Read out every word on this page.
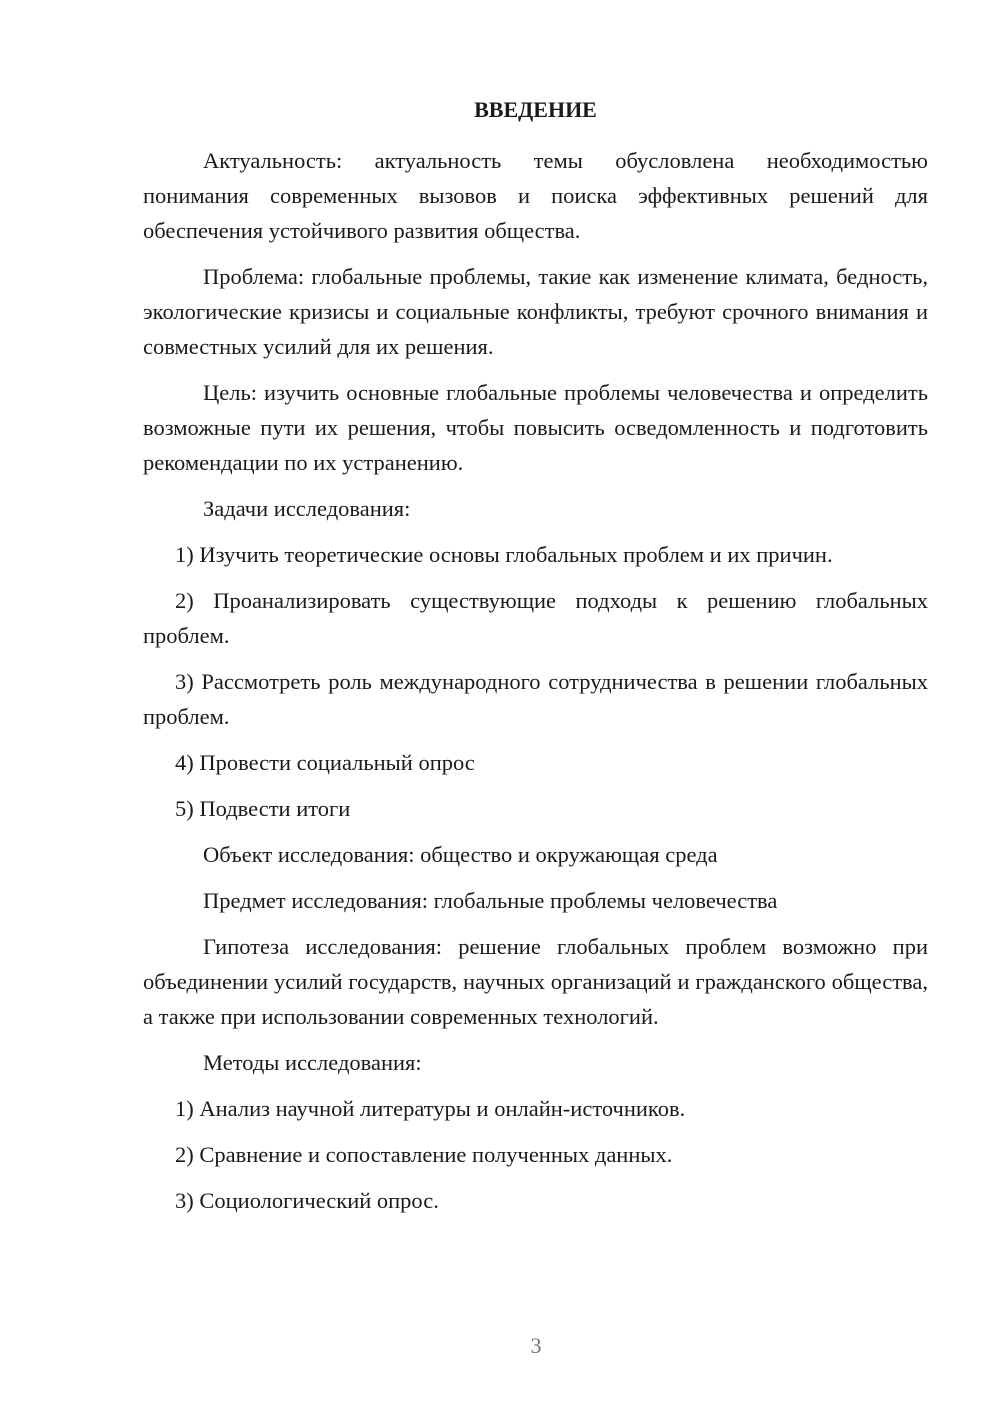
ВВЕДЕНИЕ

Актуальность: актуальность темы обусловлена необходимостью понимания современных вызовов и поиска эффективных решений для обеспечения устойчивого развития общества.

Проблема: глобальные проблемы, такие как изменение климата, бедность, экологические кризисы и социальные конфликты, требуют срочного внимания и совместных усилий для их решения.

Цель: изучить основные глобальные проблемы человечества и определить возможные пути их решения, чтобы повысить осведомленность и подготовить рекомендации по их устранению.

Задачи исследования:

1) Изучить теоретические основы глобальных проблем и их причин.

2) Проанализировать существующие подходы к решению глобальных проблем.

3) Рассмотреть роль международного сотрудничества в решении глобальных проблем.

4) Провести социальный опрос

5) Подвести итоги

Объект исследования: общество и окружающая среда

Предмет исследования: глобальные проблемы человечества

Гипотеза исследования: решение глобальных проблем возможно при объединении усилий государств, научных организаций и гражданского общества, а также при использовании современных технологий.

Методы исследования:

1) Анализ научной литературы и онлайн-источников.

2) Сравнение и сопоставление полученных данных.

3) Социологический опрос.

3
